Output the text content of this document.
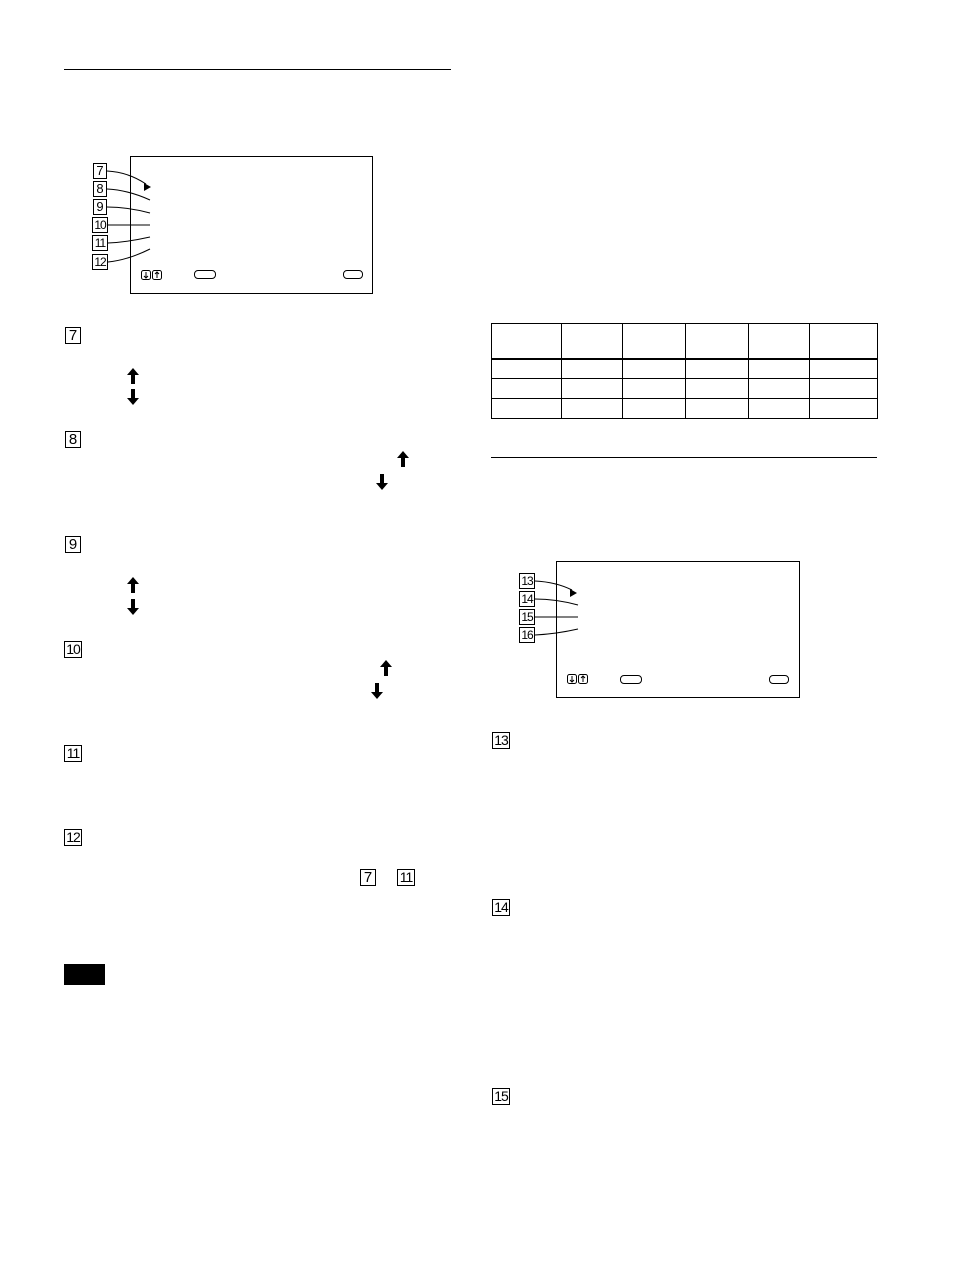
7
8
9
10
11
12
7
8
9
10
11
12
7 11

13
14
15
16
13
14
15
